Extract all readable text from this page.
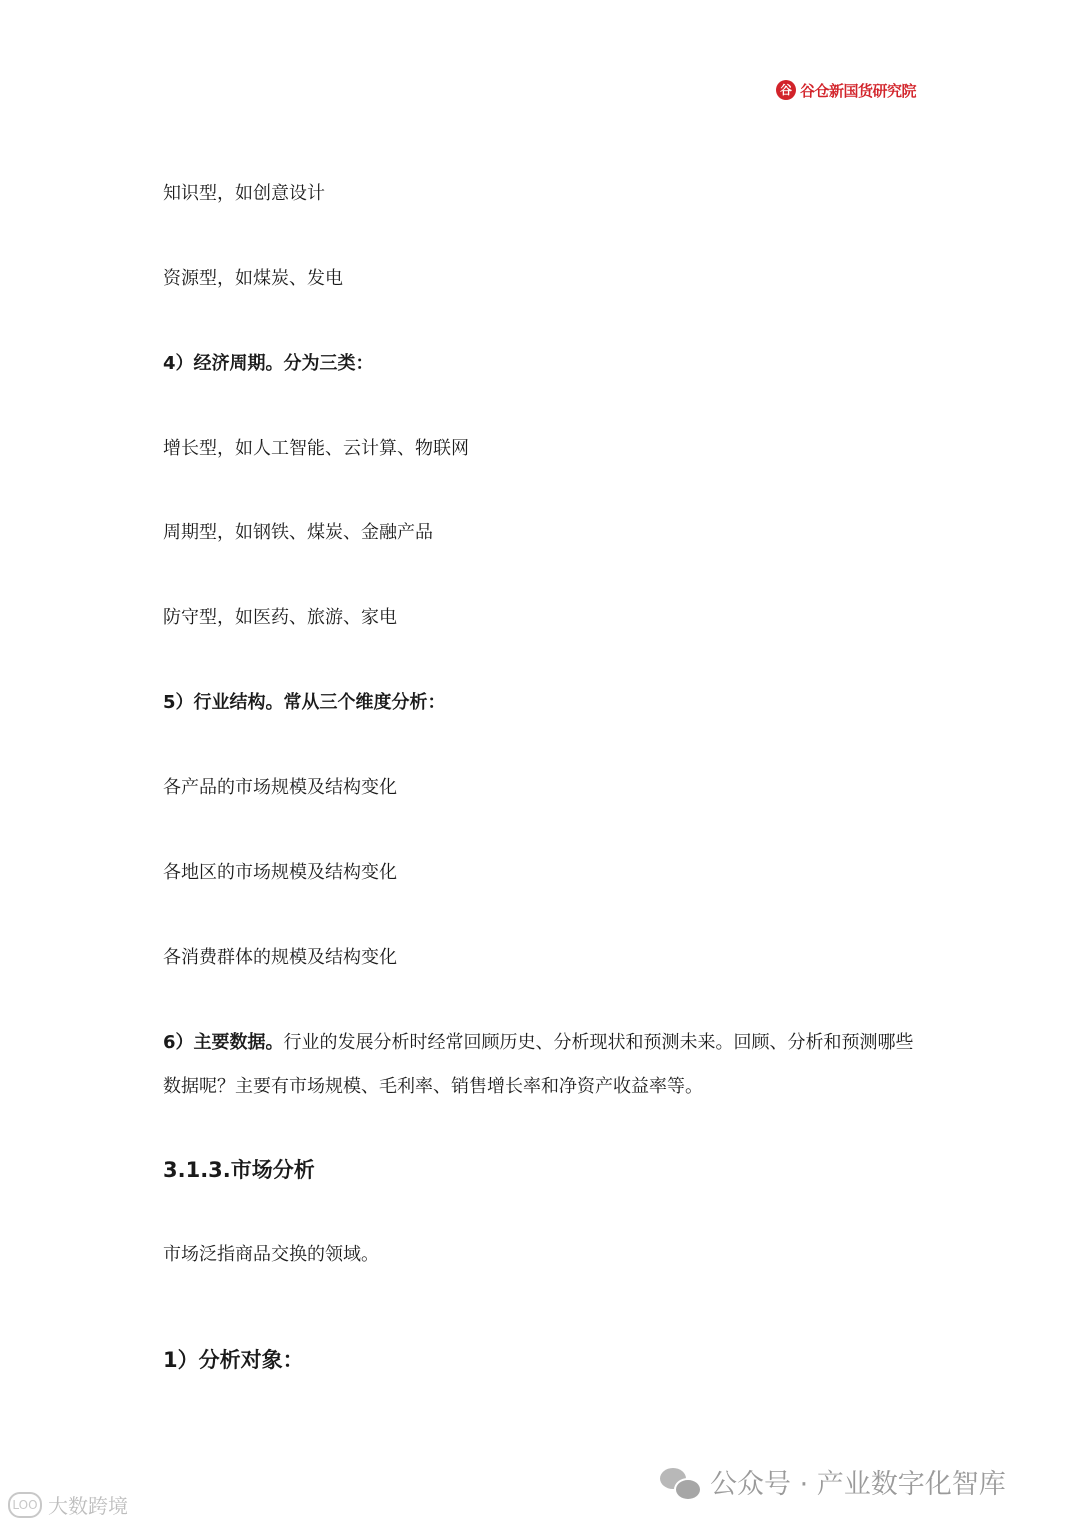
谷 谷仓新国货研究院
知识型，如创意设计
资源型，如煤炭、发电
4）经济周期。分为三类：
增长型，如人工智能、云计算、物联网
周期型，如钢铁、煤炭、金融产品
防守型，如医药、旅游、家电
5）行业结构。常从三个维度分析：
各产品的市场规模及结构变化
各地区的市场规模及结构变化
各消费群体的规模及结构变化
6）主要数据。行业的发展分析时经常回顾历史、分析现状和预测未来。回顾、分析和预测哪些数据呢？主要有市场规模、毛利率、销售增长率和净资产收益率等。
3.1.3.市场分析
市场泛指商品交换的领域。
1）分析对象：
LOO 大数跨境
公众号 · 产业数字化智库
